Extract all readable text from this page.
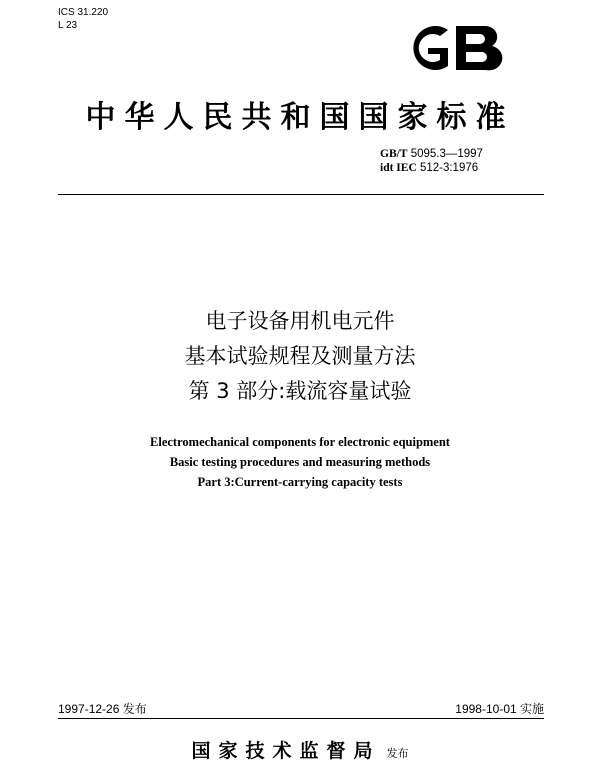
ICS 31.220
L 23
中华人民共和国国家标准
GB/T 5095.3—1997
idt IEC 512-3:1976
电子设备用机电元件
基本试验规程及测量方法
第 3 部分:载流容量试验
Electromechanical components for electronic equipment
Basic testing procedures and measuring methods
Part 3:Current-carrying capacity tests
1997-12-26 发布	1998-10-01 实施
国家技术监督局 发布
